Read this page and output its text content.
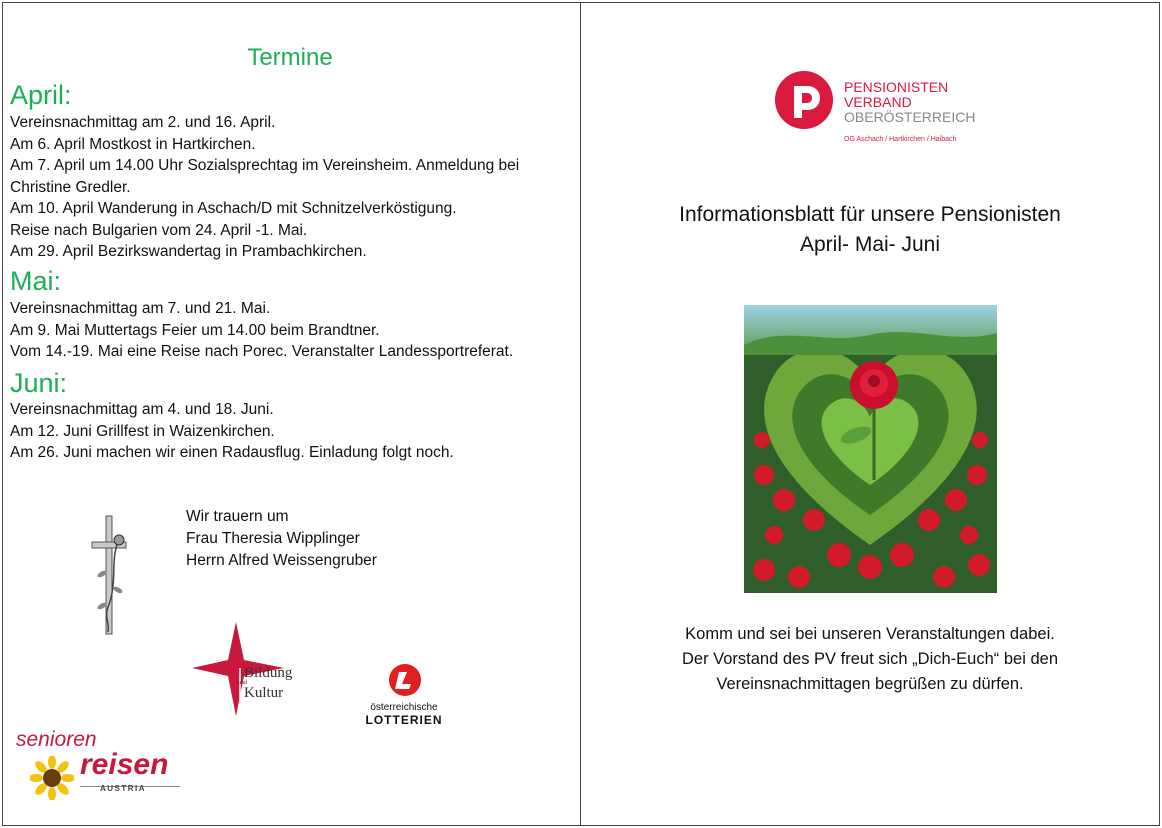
Termine
April:
Vereinsnachmittag am 2. und 16. April.
Am 6. April Mostkost in Hartkirchen.
Am 7. April um 14.00 Uhr Sozialsprechtag im Vereinsheim. Anmeldung bei
Christine Gredler.
Am 10. April Wanderung in Aschach/D mit Schnitzelverköstigung.
Reise nach Bulgarien vom 24. April -1. Mai.
Am 29. April Bezirkswandertag in Prambachkirchen.
Mai:
Vereinsnachmittag am 7. und 21. Mai.
Am 9. Mai Muttertags Feier um 14.00 beim Brandtner.
Vom 14.-19. Mai eine Reise nach Porec. Veranstalter Landessportreferat.
Juni:
Vereinsnachmittag am 4. und 18. Juni.
Am 12. Juni Grillfest in Waizenkirchen.
Am 26. Juni machen wir einen Radausflug. Einladung folgt noch.
Wir trauern um
Frau Theresia Wipplinger
Herrn Alfred Weissengruber
Bildung
und
Kultur
österreichische
LOTTERIEN
senioren
reisen
AUSTRIA
PENSIONISTEN
VERBAND
OBERÖSTERREICH
OG Aschach / Hartkirchen / Haibach
Informationsblatt für unsere Pensionisten
April- Mai- Juni
Komm und sei bei unseren Veranstaltungen dabei.
Der Vorstand des PV freut sich „Dich-Euch“ bei den
Vereinsnachmittagen begrüßen zu dürfen.
